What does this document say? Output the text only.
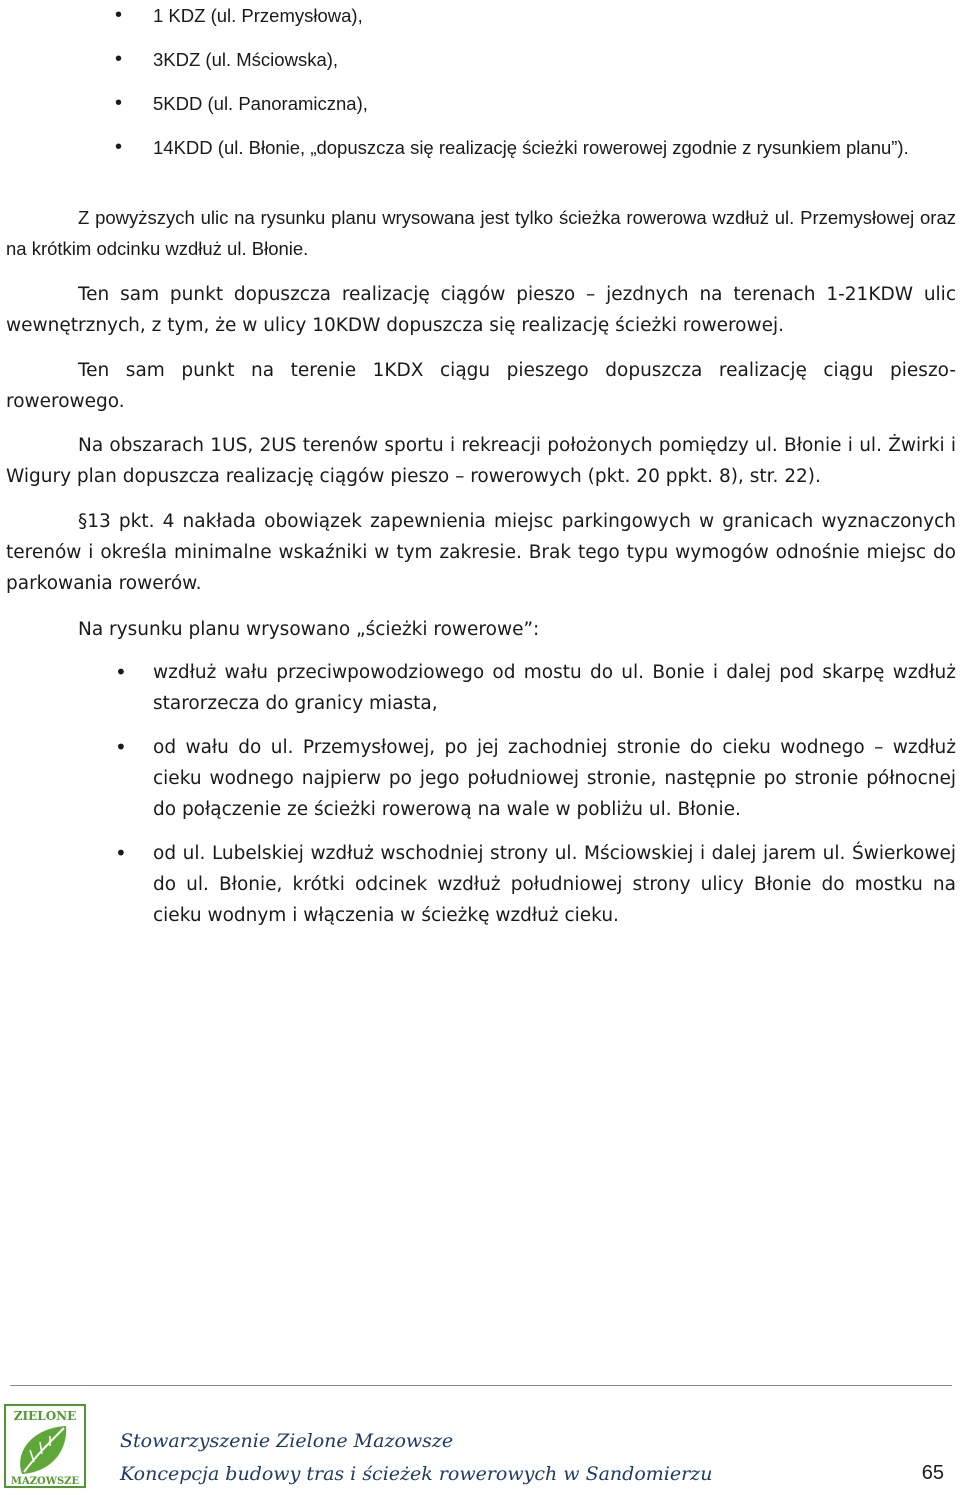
• 1 KDZ (ul. Przemysłowa),
• 3KDZ (ul. Mściowska),
• 5KDD (ul. Panoramiczna),
• 14KDD (ul. Błonie, „dopuszcza się realizację ścieżki rowerowej zgodnie z rysunkiem planu”).
Z powyższych ulic na rysunku planu wrysowana jest tylko ścieżka rowerowa wzdłuż ul. Przemysłowej oraz na krótkim odcinku wzdłuż ul. Błonie.
Ten sam punkt dopuszcza realizację ciągów pieszo – jezdnych na terenach 1-21KDW ulic wewnętrznych, z tym, że w ulicy 10KDW dopuszcza się realizację ścieżki rowerowej.
Ten sam punkt na terenie 1KDX ciągu pieszego dopuszcza realizację ciągu pieszo-rowerowego.
Na obszarach 1US, 2US terenów sportu i rekreacji położonych pomiędzy ul. Błonie i ul. Żwirki i Wigury plan dopuszcza realizację ciągów pieszo – rowerowych (pkt. 20 ppkt. 8), str. 22).
§13 pkt. 4 nakłada obowiązek zapewnienia miejsc parkingowych w granicach wyznaczonych terenów i określa minimalne wskaźniki w tym zakresie. Brak tego typu wymogów odnośnie miejsc do parkowania rowerów.
Na rysunku planu wrysowano „ścieżki rowerowe”:
• wzdłuż wału przeciwpowodziowego od mostu do ul. Bonie i dalej pod skarpę wzdłuż starorzecza do granicy miasta,
• od wału do ul. Przemysłowej, po jej zachodniej stronie do cieku wodnego – wzdłuż cieku wodnego najpierw po jego południowej stronie, następnie po stronie północnej do połączenie ze ścieżki rowerową na wale w pobliżu ul. Błonie.
• od ul. Lubelskiej wzdłuż wschodniej strony ul. Mściowskiej i dalej jarem ul. Świerkowej do ul. Błonie, krótki odcinek wzdłuż południowej strony ulicy Błonie do mostku na cieku wodnym i włączenia w ścieżkę wzdłuż cieku.
ZIELONE
MAZOWSZE
Stowarzyszenie Zielone Mazowsze
Koncepcja budowy tras i ścieżek rowerowych w Sandomierzu	65
